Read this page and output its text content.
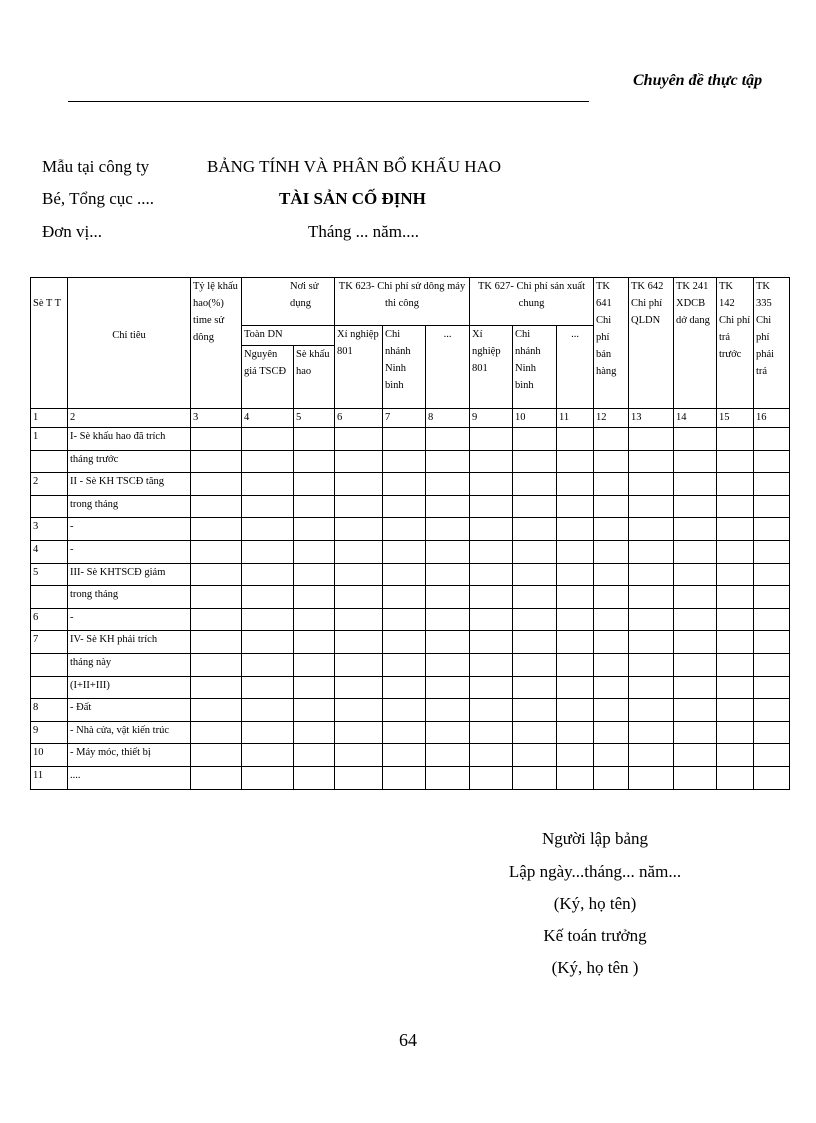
Chuyên đề thực tập
Mẫu tại công ty
Bé, Tổng cục ....
Đơn vị...
BẢNG TÍNH VÀ PHÂN BỔ KHẤU HAO
TÀI SẢN CỐ ĐỊNH
Tháng ... năm....
Sè T T	Chỉ tiêu	Tỷ lệ khấu hao(%) time sử dông	Nơi sử dụng		TK 623- Chi phí sử dông máy thi công			TK 627- Chi phí sản xuất chung			TK 641 Chi phí bán hàng	TK 642 Chi phí QLDN	TK 241 XDCB dở dang	TK 142 Chi phí trả trước	TK 335 Chi phí phải trả
			Toàn DN		Xí nghiệp 801	Chi nhánh Ninh bình	...	Xí nghiệp 801	Chi nhánh Ninh bình	...					
			Nguyên giá TSCĐ	Sè khấu hao											
1	2	3	4	5	6	7	8	9	10	11	12	13	14	15	16
1	I- Sè khấu hao đã trích														
	tháng trước														
2	II - Sè KH TSCĐ tăng														
	trong tháng														
3	-														
4	-														
5	III- Sè KHTSCĐ giảm														
	trong tháng														
6	-														
7	IV- Sè KH phải trích														
	tháng này														
	(I+II+III)														
8	- Đất														
9	- Nhà cửa, vật kiến trúc														
10	- Máy móc, thiết bị														
11	....														
Người lập bảng
Lập ngày...tháng... năm...
(Ký, họ tên)
Kế toán trưởng
(Ký, họ tên )
64
